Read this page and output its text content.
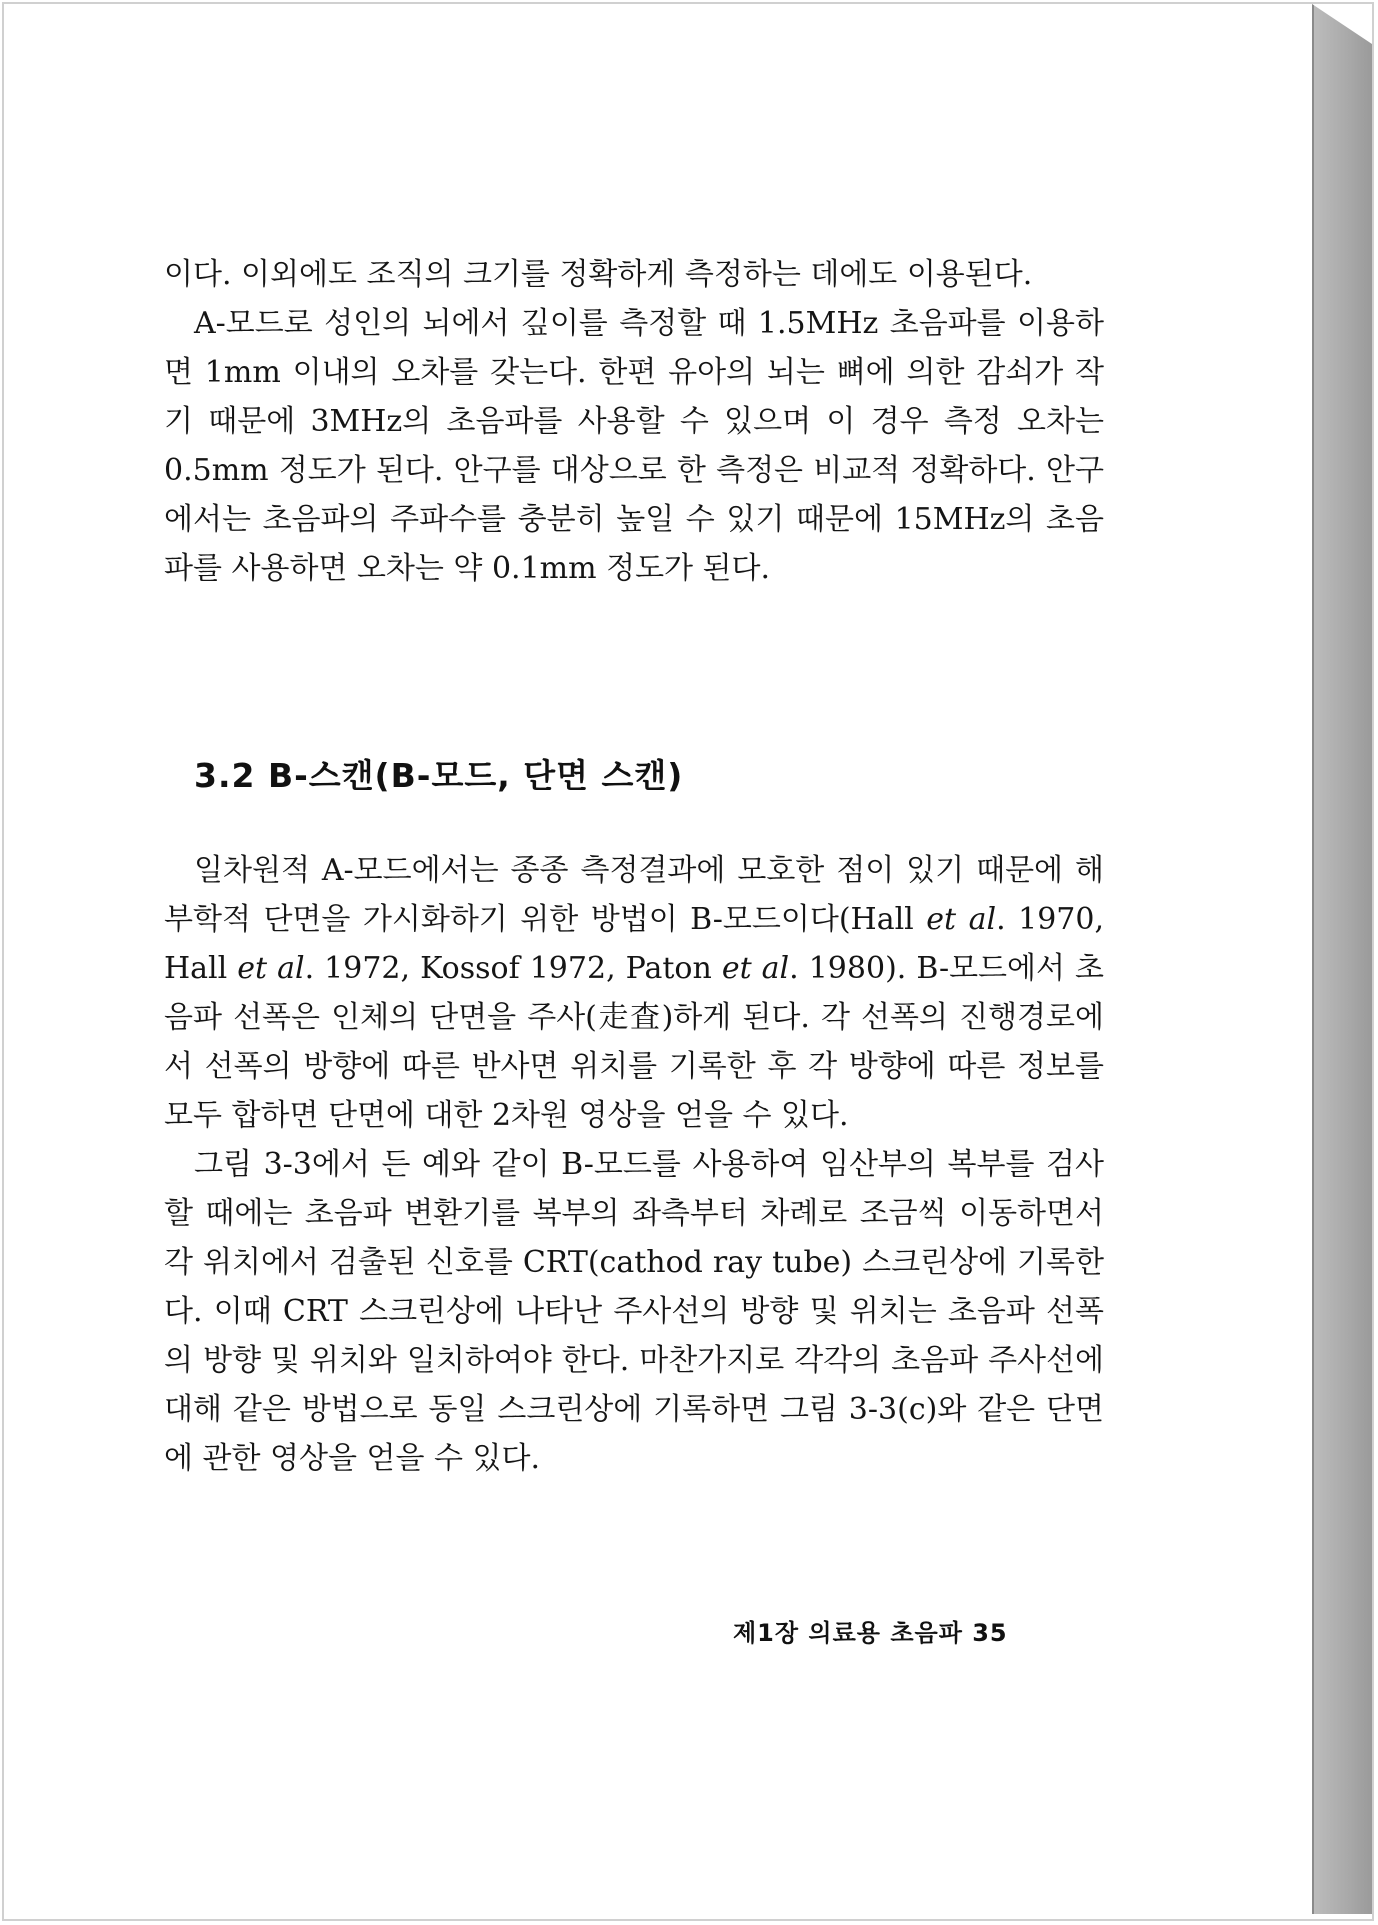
이다. 이외에도 조직의 크기를 정확하게 측정하는 데에도 이용된다.

A-모드로 성인의 뇌에서 깊이를 측정할 때 1.5MHz 초음파를 이용하면 1mm 이내의 오차를 갖는다. 한편 유아의 뇌는 뼈에 의한 감쇠가 작기 때문에 3MHz의 초음파를 사용할 수 있으며 이 경우 측정 오차는 0.5mm 정도가 된다. 안구를 대상으로 한 측정은 비교적 정확하다. 안구에서는 초음파의 주파수를 충분히 높일 수 있기 때문에 15MHz의 초음파를 사용하면 오차는 약 0.1mm 정도가 된다.

3.2 B-스캔(B-모드, 단면 스캔)

일차원적 A-모드에서는 종종 측정결과에 모호한 점이 있기 때문에 해부학적 단면을 가시화하기 위한 방법이 B-모드이다(Hall et al. 1970, Hall et al. 1972, Kossof 1972, Paton et al. 1980). B-모드에서 초음파 선폭은 인체의 단면을 주사(走査)하게 된다. 각 선폭의 진행경로에서 선폭의 방향에 따른 반사면 위치를 기록한 후 각 방향에 따른 정보를 모두 합하면 단면에 대한 2차원 영상을 얻을 수 있다.

그림 3-3에서 든 예와 같이 B-모드를 사용하여 임산부의 복부를 검사할 때에는 초음파 변환기를 복부의 좌측부터 차례로 조금씩 이동하면서 각 위치에서 검출된 신호를 CRT(cathod ray tube) 스크린상에 기록한다. 이때 CRT 스크린상에 나타난 주사선의 방향 및 위치는 초음파 선폭의 방향 및 위치와 일치하여야 한다. 마찬가지로 각각의 초음파 주사선에 대해 같은 방법으로 동일 스크린상에 기록하면 그림 3-3(c)와 같은 단면에 관한 영상을 얻을 수 있다.

제1장 의료용 초음파 35
